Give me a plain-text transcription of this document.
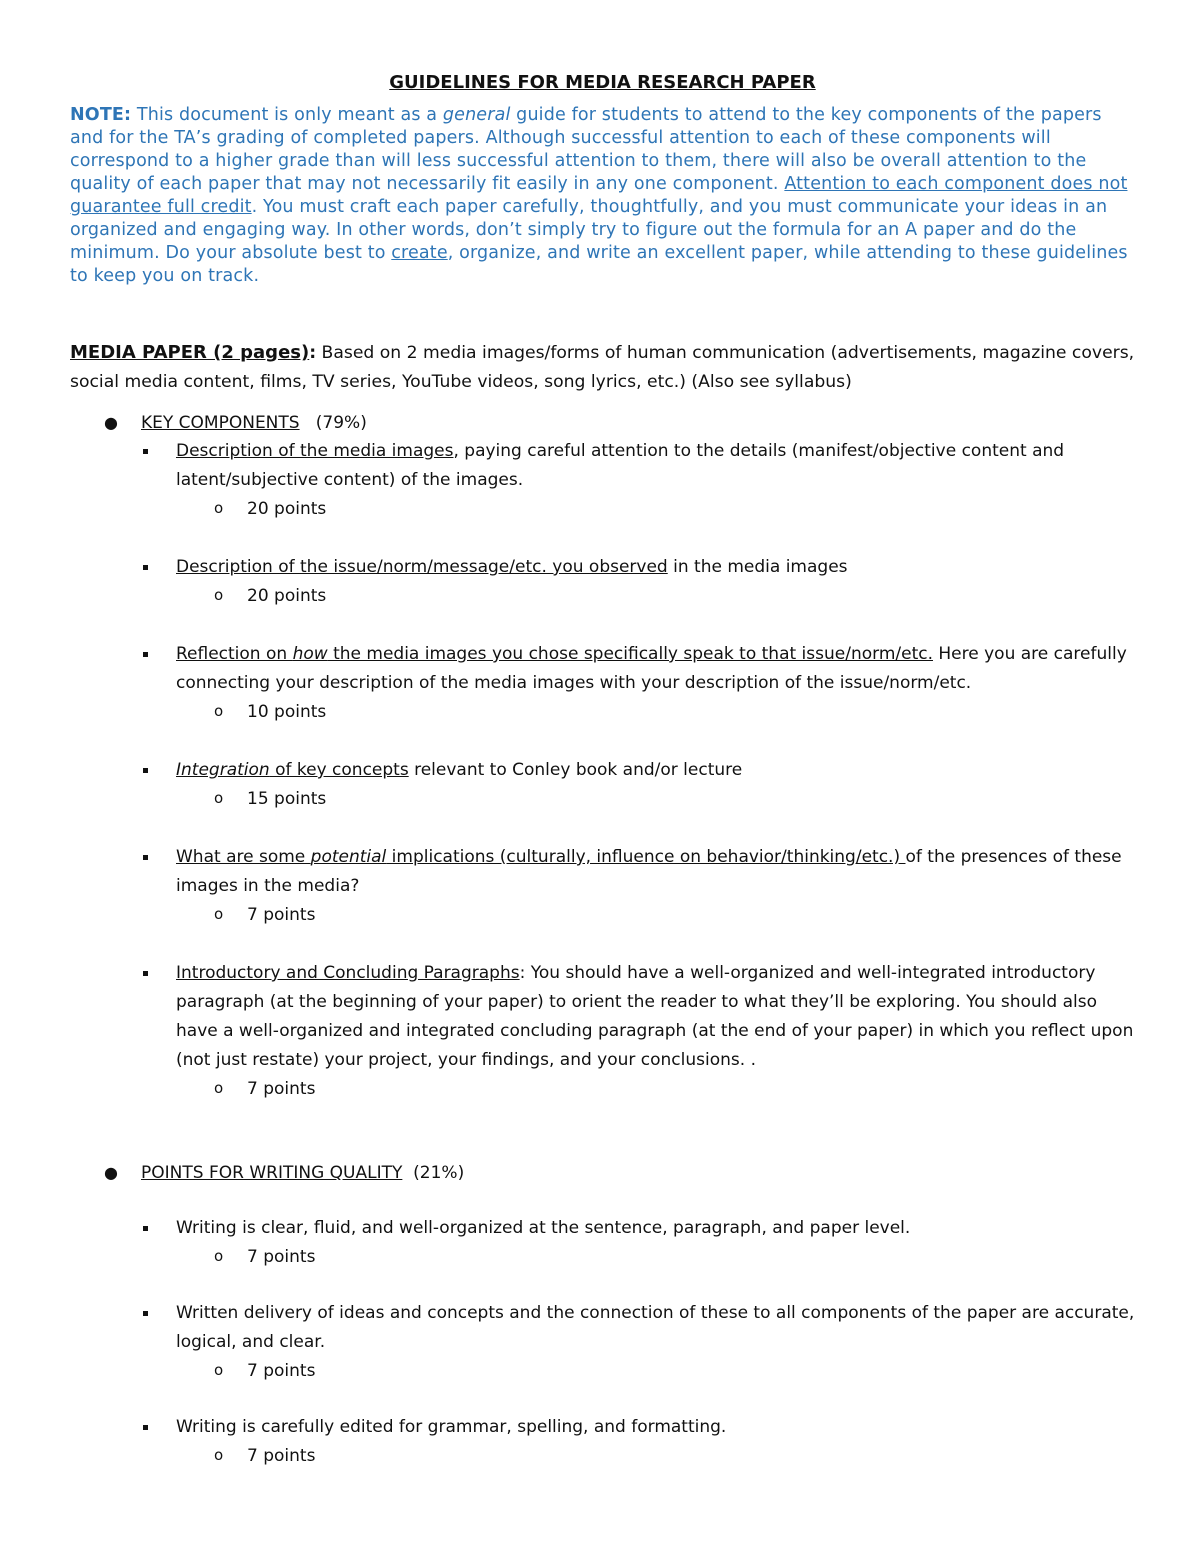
GUIDELINES FOR MEDIA RESEARCH PAPER

NOTE: This document is only meant as a general guide for students to attend to the key components of the papers and for the TA’s grading of completed papers. Although successful attention to each of these components will correspond to a higher grade than will less successful attention to them, there will also be overall attention to the quality of each paper that may not necessarily fit easily in any one component. Attention to each component does not guarantee full credit. You must craft each paper carefully, thoughtfully, and you must communicate your ideas in an organized and engaging way. In other words, don’t simply try to figure out the formula for an A paper and do the minimum. Do your absolute best to create, organize, and write an excellent paper, while attending to these guidelines to keep you on track.

MEDIA PAPER (2 pages): Based on 2 media images/forms of human communication (advertisements, magazine covers, social media content, films, TV series, YouTube videos, song lyrics, etc.) (Also see syllabus)
● KEY COMPONENTS (79%)
Description of the media images, paying careful attention to the details (manifest/objective content and latent/subjective content) of the images.
o 20 points
Description of the issue/norm/message/etc. you observed in the media images
o 20 points
Reflection on how the media images you chose specifically speak to that issue/norm/etc. Here you are carefully connecting your description of the media images with your description of the issue/norm/etc.
o 10 points
Integration of key concepts relevant to Conley book and/or lecture
o 15 points
What are some potential implications (culturally, influence on behavior/thinking/etc.) of the presences of these images in the media?
o 7 points
Introductory and Concluding Paragraphs: You should have a well-organized and well-integrated introductory paragraph (at the beginning of your paper) to orient the reader to what they’ll be exploring. You should also have a well-organized and integrated concluding paragraph (at the end of your paper) in which you reflect upon (not just restate) your project, your findings, and your conclusions. .
o 7 points
● POINTS FOR WRITING QUALITY (21%)
Writing is clear, fluid, and well-organized at the sentence, paragraph, and paper level.
o 7 points
Written delivery of ideas and concepts and the connection of these to all components of the paper are accurate, logical, and clear.
o 7 points
Writing is carefully edited for grammar, spelling, and formatting.
o 7 points
